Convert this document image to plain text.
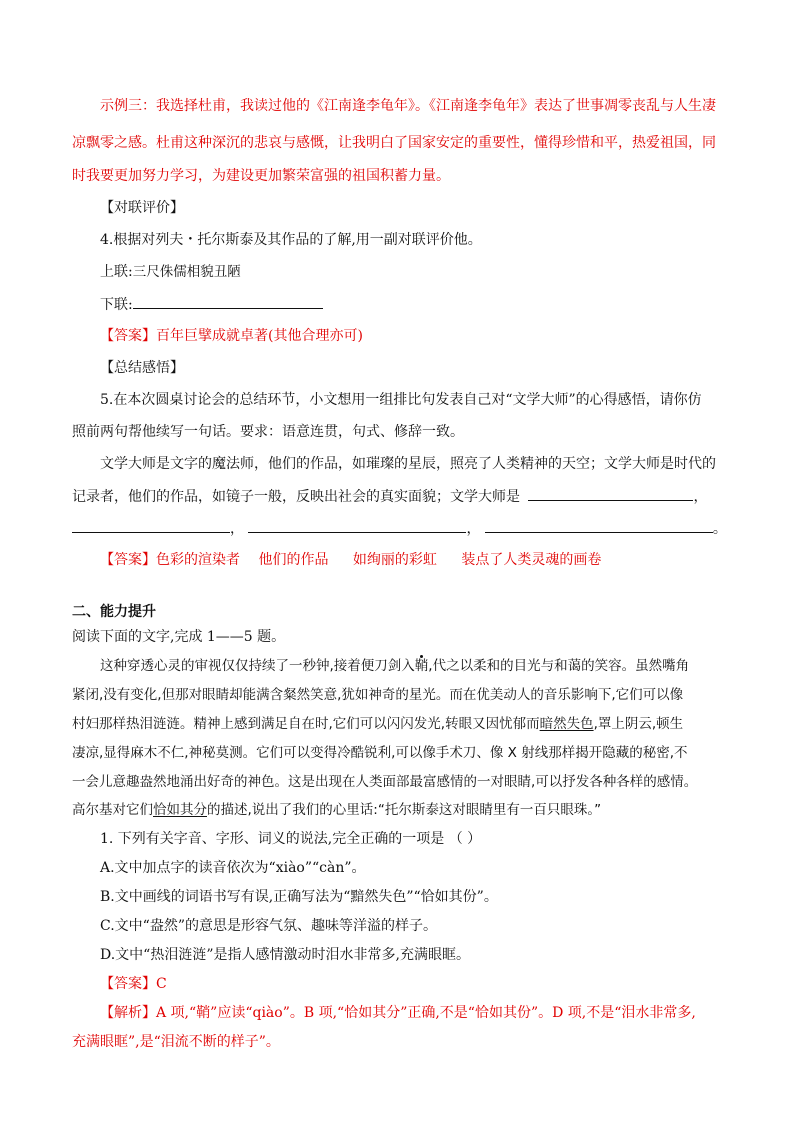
示例三：我选择杜甫，我读过他的《江南逢李龟年》。《江南逢李龟年》表达了世事凋零丧乱与人生凄
凉飘零之感。杜甫这种深沉的悲哀与感慨，让我明白了国家安定的重要性，懂得珍惜和平，热爱祖国，同
时我要更加努力学习，为建设更加繁荣富强的祖国积蓄力量。
【对联评价】
4.根据对列夫・托尔斯泰及其作品的了解,用一副对联评价他。
上联:三尺侏儒相貌丑陋
下联:
【答案】百年巨擘成就卓著(其他合理亦可)
【总结感悟】
5.在本次圆桌讨论会的总结环节，小文想用一组排比句发表自己对“文学大师”的心得感悟，请你仿
照前两句帮他续写一句话。要求：语意连贯，句式、修辞一致。
文学大师是文字的魔法师，他们的作品，如璀璨的星辰，照亮了人类精神的天空；文学大师是时代的
记录者，他们的作品，如镜子一般，反映出社会的真实面貌；文学大师是	，
，	，	。
【答案】色彩的渲染者 他们的作品 如绚丽的彩虹 装点了人类灵魂的画卷
二、能力提升
阅读下面的文字,完成 1——5 题。
这种穿透心灵的审视仅仅持续了一秒钟,接着便刀剑入鞘,代之以柔和的目光与和蔼的笑容。虽然嘴角
紧闭,没有变化,但那对眼睛却能满含粲然笑意,犹如神奇的星光。而在优美动人的音乐影响下,它们可以像
村妇那样热泪涟涟。精神上感到满足自在时,它们可以闪闪发光,转眼又因忧郁而暗然失色,罩上阴云,顿生
凄凉,显得麻木不仁,神秘莫测。它们可以变得冷酷锐利,可以像手术刀、像 X 射线那样揭开隐藏的秘密,不
一会儿意趣盎然地涌出好奇的神色。这是出现在人类面部最富感情的一对眼睛,可以抒发各种各样的感情。
高尔基对它们恰如其分的描述,说出了我们的心里话:“托尔斯泰这对眼睛里有一百只眼珠。”
1. 下列有关字音、字形、词义的说法,完全正确的一项是 （ ）
A.文中加点字的读音依次为“xiào”“càn”。
B.文中画线的词语书写有误,正确写法为“黯然失色”“恰如其份”。
C.文中“盎然”的意思是形容气氛、趣味等洋溢的样子。
D.文中“热泪涟涟”是指人感情激动时泪水非常多,充满眼眶。
【答案】C
【解析】A 项,“鞘”应读“qiào”。B 项,“恰如其分”正确,不是“恰如其份”。D 项,不是“泪水非常多,
充满眼眶”,是“泪流不断的样子”。
